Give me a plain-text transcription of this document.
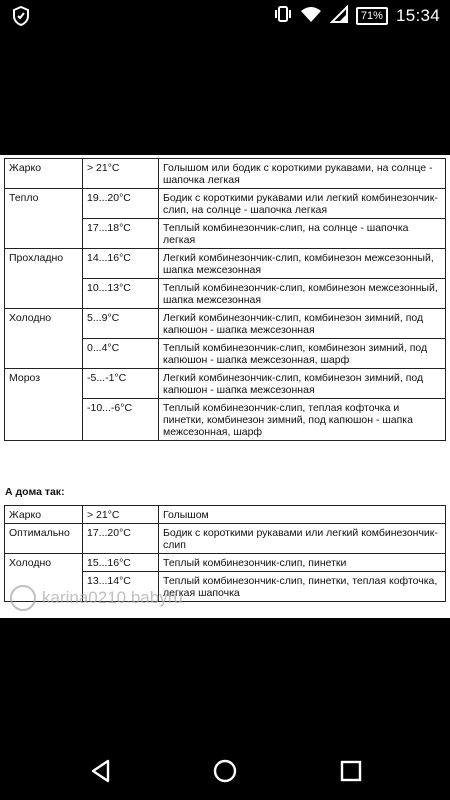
71% 15:34
Жарко	> 21°C	Голышом или бодик с короткими рукавами, на солнце - шапочка легкая
Тепло	19...20°C	Бодик с короткими рукавами или легкий комбинезончик-слип, на солнце - шапочка легкая
	17...18°C	Теплый комбинезончик-слип, на солнце - шапочка легкая
Прохладно	14...16°C	Легкий комбинезончик-слип, комбинезон межсезонный, шапка межсезонная
	10...13°C	Теплый комбинезончик-слип, комбинезон межсезонный, шапка межсезонная
Холодно	5...9°C	Легкий комбинезончик-слип, комбинезон зимний, под капюшон - шапка межсезонная
	0...4°C	Теплый комбинезончик-слип, комбинезон зимний, под капюшон - шапка межсезонная, шарф
Мороз	-5...-1°C	Легкий комбинезончик-слип, комбинезон зимний, под капюшон - шапка межсезонная
	-10...-6°C	Теплый комбинезончик-слип, теплая кофточка и пинетки, комбинезон зимний, под капюшон - шапка межсезонная, шарф
А дома так:
Жарко	> 21°C	Голышом
Оптимально	17...20°C	Бодик с короткими рукавами или легкий комбинезончик-слип
Холодно	15...16°C	Теплый комбинезончик-слип, пинетки
	13...14°C	Теплый комбинезончик-слип, пинетки, теплая кофточка, легкая шапочка
karina0210.babyru
